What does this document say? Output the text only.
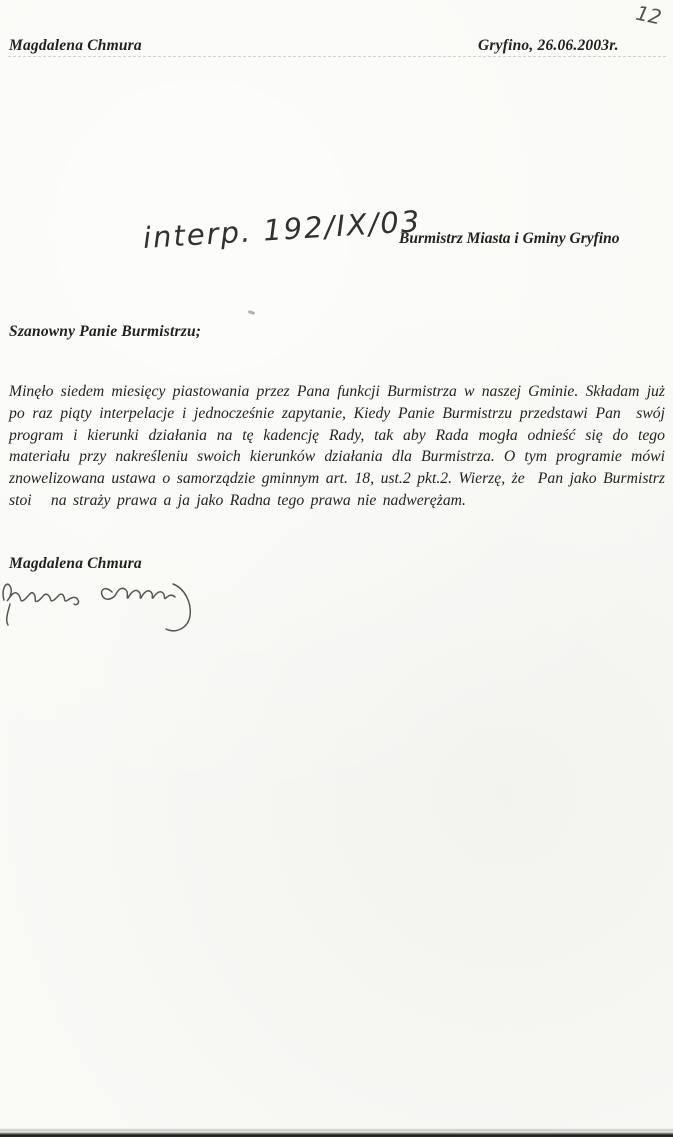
12
Magdalena Chmura	Gryfino, 26.06.2003r.
interp. 192/IX/03
Burmistrz Miasta i Gminy Gryfino
Szanowny Panie Burmistrzu;
Minęło siedem miesięcy piastowania przez Pana funkcji Burmistrza w naszej Gminie. Składam już po raz piąty interpelacje i jednocześnie zapytanie, Kiedy Panie Burmistrzu przedstawi Pan  swój program i kierunki działania na tę kadencję Rady, tak aby Rada mogła odnieść się do tego materiału przy nakreśleniu swoich kierunków działania dla Burmistrza. O tym programie mówi znowelizowana ustawa o samorządzie gminnym art. 18, ust.2 pkt.2. Wierzę, że  Pan jako Burmistrz stoi   na straży prawa a ja jako Radna tego prawa nie nadwerężam.
Magdalena Chmura
